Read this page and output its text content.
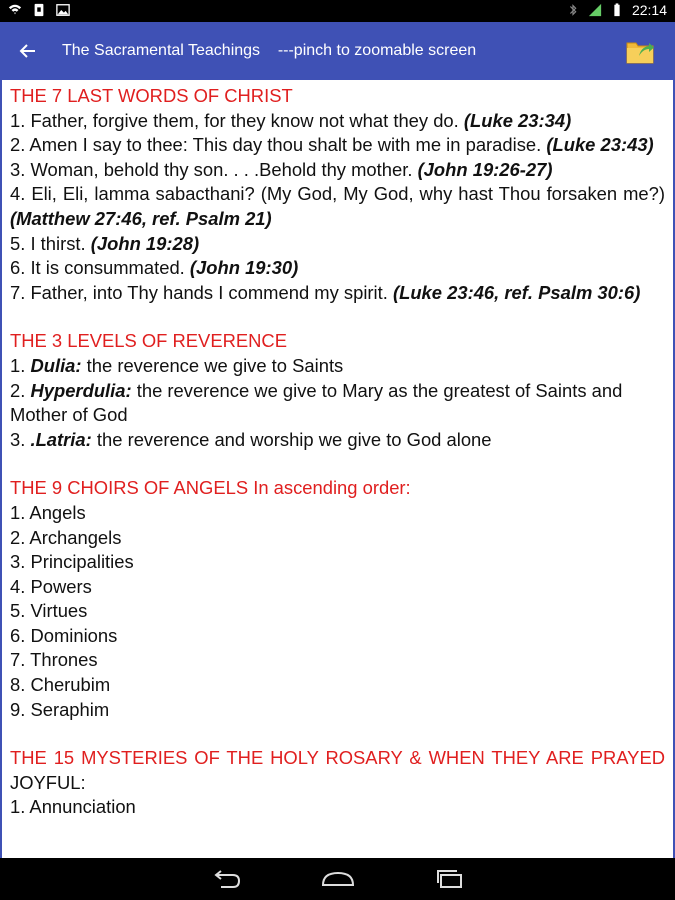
22:14
The Sacramental Teachings    ---pinch to zoomable screen
THE 7 LAST WORDS OF CHRIST
1. Father, forgive them, for they know not what they do. (Luke 23:34)
2. Amen I say to thee: This day thou shalt be with me in paradise. (Luke 23:43)
3. Woman, behold thy son. . . .Behold thy mother. (John 19:26-27)
4. Eli, Eli, lamma sabacthani? (My God, My God, why hast Thou forsaken me?) (Matthew 27:46, ref. Psalm 21)
5. I thirst. (John 19:28)
6. It is consummated. (John 19:30)
7. Father, into Thy hands I commend my spirit. (Luke 23:46, ref. Psalm 30:6)
THE 3 LEVELS OF REVERENCE
1. Dulia: the reverence we give to Saints
2. Hyperdulia: the reverence we give to Mary as the greatest of Saints and Mother of God
3. .Latria: the reverence and worship we give to God alone
THE 9 CHOIRS OF ANGELS In ascending order:
1. Angels
2. Archangels
3. Principalities
4. Powers
5. Virtues
6. Dominions
7. Thrones
8. Cherubim
9. Seraphim
THE 15 MYSTERIES OF THE HOLY ROSARY & WHEN THEY ARE PRAYED JOYFUL:
1. Annunciation
